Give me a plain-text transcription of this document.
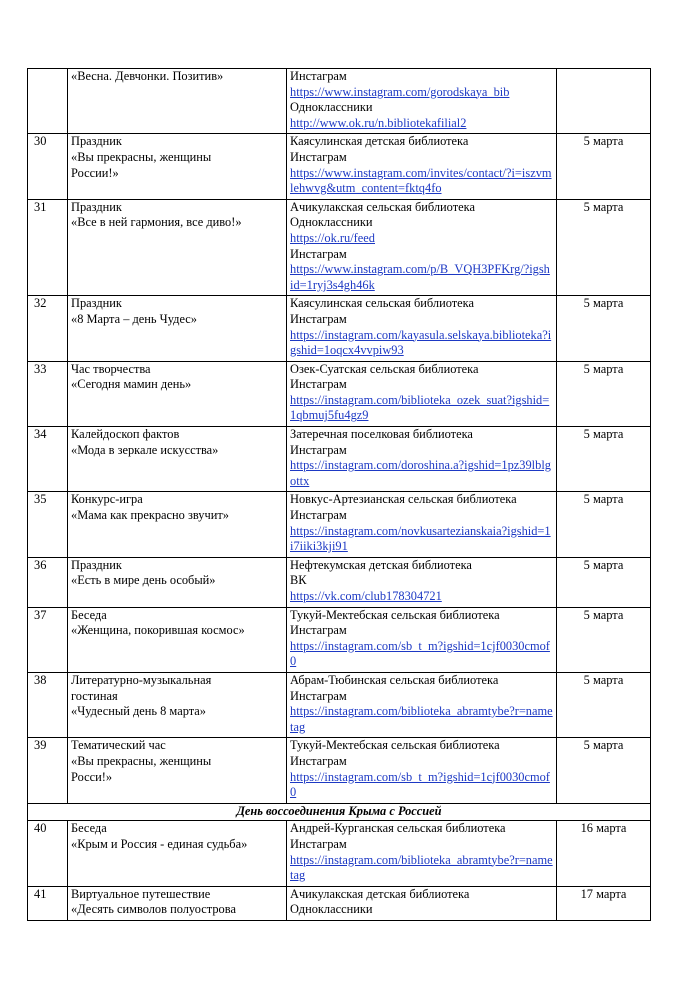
	«Весна. Девчонки. Позитив»	Инстаграм
https://www.instagram.com/gorodskaya_bib
Одноклассники
http://www.ok.ru/n.bibliotekafilial2	

30	Праздник
«Вы прекрасны, женщины
России!»	Каясулинская детская библиотека
Инстаграм
https://www.instagram.com/invites/contact/?i=iszvmlehwvg&utm_content=fktq4fo	5 марта
31	Праздник
«Все в ней гармония, все диво!»	Ачикулакская сельская библиотека
Одноклассники
https://ok.ru/feed
Инстаграм
https://www.instagram.com/p/B_VQH3PFKrg/?igshid=1ryj3s4gh46k	5 марта
32	Праздник
«8 Марта – день Чудес»	Каясулинская сельская библиотека
Инстаграм
https://instagram.com/kayasula.selskaya.biblioteka?igshid=1oqcx4vvpiw93	5 марта
33	Час творчества
«Сегодня мамин день»	Озек-Суатская сельская библиотека
Инстаграм
https://instagram.com/biblioteka_ozek_suat?igshid=1qbmuj5fu4gz9	5 марта
34	Калейдоскоп фактов
«Мода в зеркале искусства»	Затеречная поселковая библиотека
Инстаграм
https://instagram.com/doroshina.a?igshid=1pz39lblgottx	5 марта
35	Конкурс-игра
«Мама как прекрасно звучит»	Новкус-Артезианская сельская библиотека
Инстаграм
https://instagram.com/novkusartezianskaia?igshid=1i7iiki3kji91	5 марта
36	Праздник
«Есть в мире день особый»	Нефтекумская детская библиотека
ВК
https://vk.com/club178304721	5 марта
37	Беседа
«Женщина, покорившая космос»	Тукуй-Мектебская сельская библиотека
Инстаграм
https://instagram.com/sb_t_m?igshid=1cjf0030cmof0	5 марта
38	Литературно-музыкальная
гостиная
«Чудесный день 8 марта»	Абрам-Тюбинская сельская библиотека
Инстаграм
https://instagram.com/biblioteka_abramtybe?r=nametag	5 марта
39	Тематический час
«Вы прекрасны, женщины
Росси!»	Тукуй-Мектебская сельская библиотека
Инстаграм
https://instagram.com/sb_t_m?igshid=1cjf0030cmof0	5 марта
День воссоединения Крыма с Россией			
40	Беседа
«Крым и Россия - единая судьба»	Андрей-Курганская сельская библиотека
Инстаграм
https://instagram.com/biblioteka_abramtybe?r=nametag	16 марта
41	Виртуальное путешествие
«Десять символов полуострова	Ачикулакская детская библиотека
Одноклассники	17 марта
